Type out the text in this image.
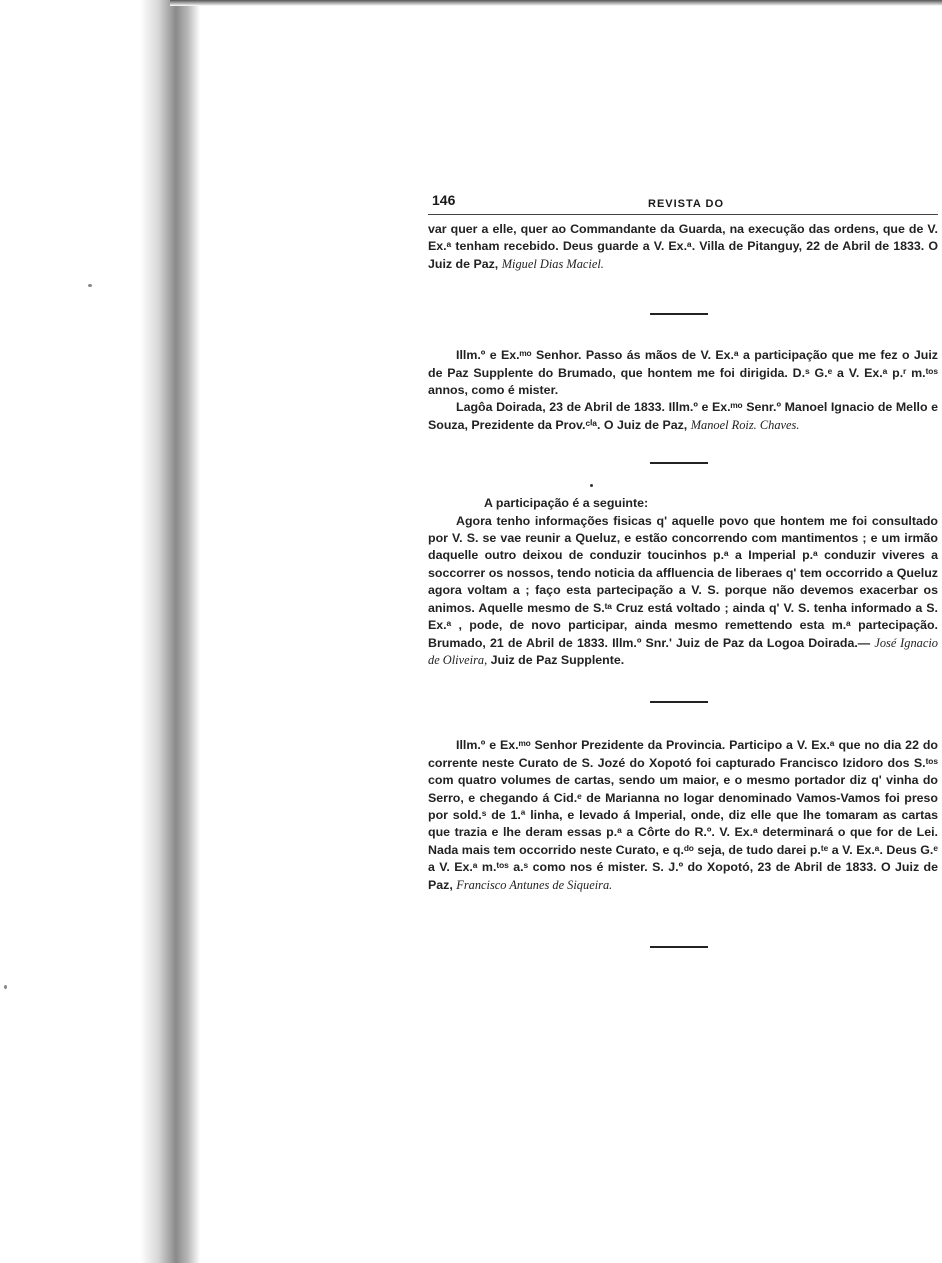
146	REVISTA DO

var quer a elle, quer ao Commandante da Guarda, na execução das ordens, que de V. Ex.ᵃ tenham recebido. Deus guarde a V. Ex.ᵃ. Villa de Pitanguy, 22 de Abril de 1833. O Juiz de Paz, Miguel Dias Maciel.

Illm.º e Ex.ᵐᵒ Senhor. Passo ás mãos de V. Ex.ᵃ a participação que me fez o Juiz de Paz Supplente do Brumado, que hontem me foi dirigida. D.ˢ G.ᵉ a V. Ex.ᵃ p.ʳ m.ᵗᵒˢ annos, como é mister.

Lagôa Doirada, 23 de Abril de 1833. Illm.º e Ex.ᵐᵒ Senr.º Manoel Ignacio de Mello e Souza, Prezidente da Prov.ᶜⁱᵃ. O Juiz de Paz, Manoel Roiz. Chaves.

A participação é a seguinte:

Agora tenho informações fisicas q' aquelle povo que hontem me foi consultado por V. S. se vae reunir a Queluz, e estão concorrendo com mantimentos ; e um irmão daquelle outro deixou de conduzir toucinhos p.ᵃ a Imperial p.ᵃ conduzir viveres a soccorrer os nossos, tendo noticia da affluencia de liberaes q' tem occorrido a Queluz agora voltam a ; faço esta partecipação a V. S. porque não devemos exacerbar os animos. Aquelle mesmo de S.ᵗᵃ Cruz está voltado ; ainda q' V. S. tenha informado a S. Ex.ᵃ , pode, de novo participar, ainda mesmo remettendo esta m.ᵃ partecipação. Brumado, 21 de Abril de 1833. Illm.º Snr.' Juiz de Paz da Logoa Doirada.— José Ignacio de Oliveira, Juiz de Paz Supplente.

Illm.º e Ex.ᵐᵒ Senhor Prezidente da Provincia. Participo a V. Ex.ᵃ que no dia 22 do corrente neste Curato de S. Jozé do Xopotó foi capturado Francisco Izidoro dos S.ᵗᵒˢ com quatro volumes de cartas, sendo um maior, e o mesmo portador diz q' vinha do Serro, e chegando á Cid.ᵉ de Marianna no logar denominado Vamos-Vamos foi preso por sold.ˢ de 1.ª linha, e levado á Imperial, onde, diz elle que lhe tomaram as cartas que trazia e lhe deram essas p.ᵃ a Côrte do R.º. V. Ex.ᵃ determinará o que for de Lei. Nada mais tem occorrido neste Curato, e q.ᵈᵒ seja, de tudo darei p.ᵗᵉ a V. Ex.ᵃ. Deus G.ᵉ a V. Ex.ᵃ m.ᵗᵒˢ a.ˢ como nos é mister. S. J.º do Xopotó, 23 de Abril de 1833. O Juiz de Paz, Francisco Antunes de Siqueira.
